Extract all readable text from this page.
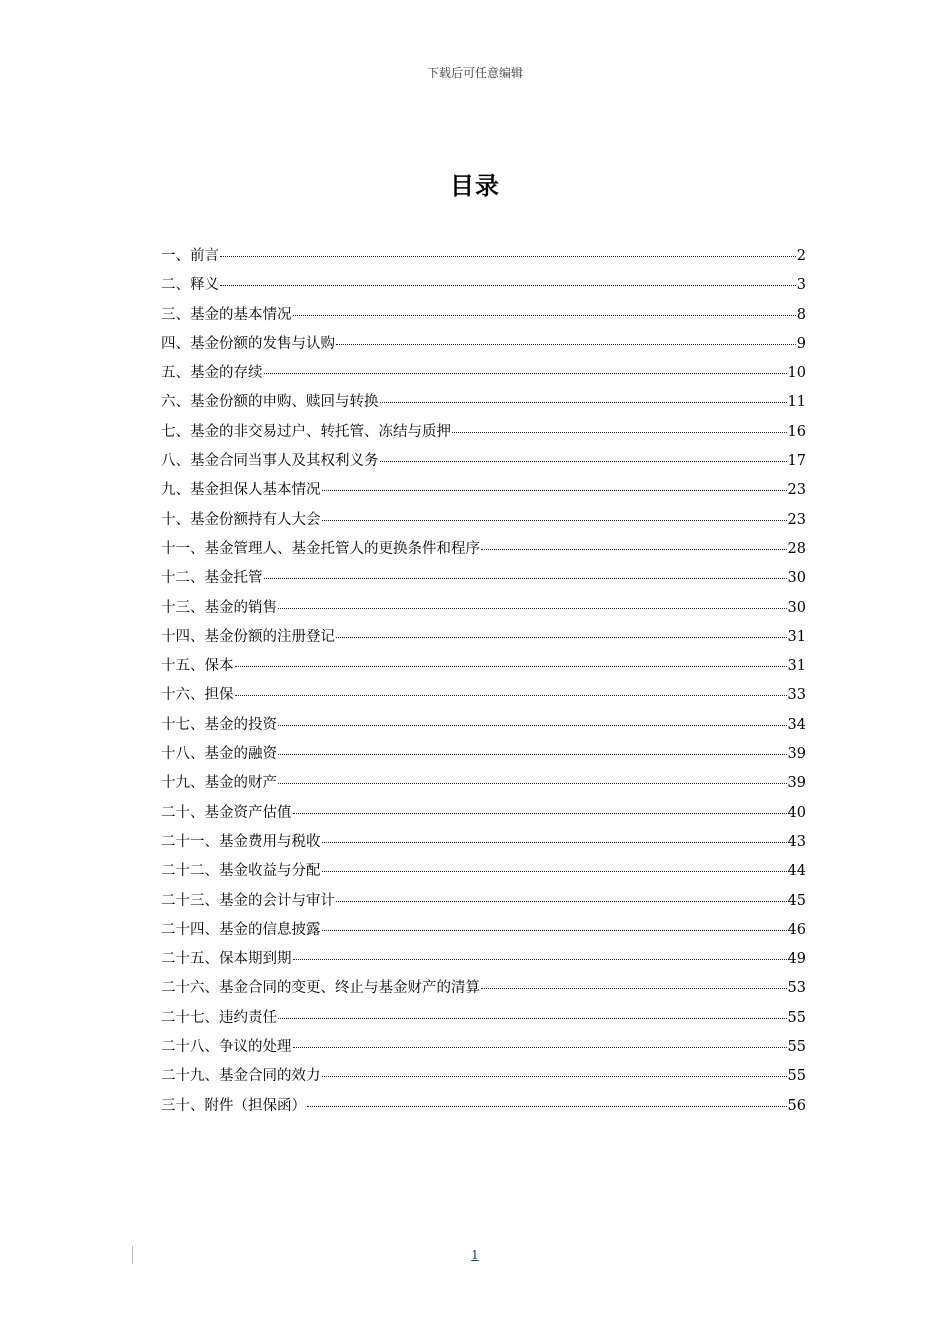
下载后可任意编辑
目录
一、前言	2
二、释义	3
三、基金的基本情况	8
四、基金份额的发售与认购	9
五、基金的存续	10
六、基金份额的申购、赎回与转换	11
七、基金的非交易过户、转托管、冻结与质押	16
八、基金合同当事人及其权利义务	17
九、基金担保人基本情况	23
十、基金份额持有人大会	23
十一、基金管理人、基金托管人的更换条件和程序	28
十二、基金托管	30
十三、基金的销售	30
十四、基金份额的注册登记	31
十五、保本	31
十六、担保	33
十七、基金的投资	34
十八、基金的融资	39
十九、基金的财产	39
二十、基金资产估值	40
二十一、基金费用与税收	43
二十二、基金收益与分配	44
二十三、基金的会计与审计	45
二十四、基金的信息披露	46
二十五、保本期到期	49
二十六、基金合同的变更、终止与基金财产的清算	53
二十七、违约责任	55
二十八、争议的处理	55
二十九、基金合同的效力	55
三十、附件（担保函）	56
1
